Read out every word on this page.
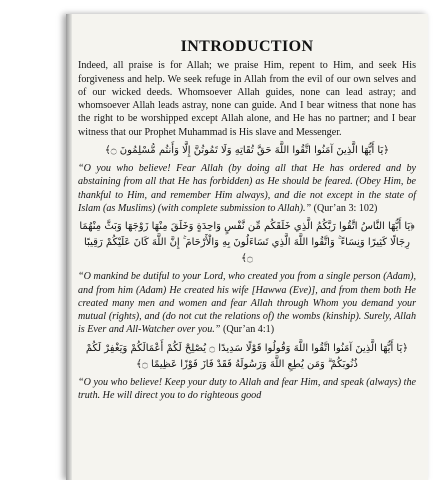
INTRODUCTION

Indeed, all praise is for Allah; we praise Him, repent to Him, and seek His forgiveness and help. We seek refuge in Allah from the evil of our own selves and of our wicked deeds. Whomsoever Allah guides, none can lead astray; and whomsoever Allah leads astray, none can guide. And I bear witness that none has the right to be worshipped except Allah alone, and He has no partner; and I bear witness that our Prophet Muhammad is His slave and Messenger.

﴿يَا أَيُّهَا الَّذِينَ آمَنُوا اتَّقُوا اللَّهَ حَقَّ تُقَاتِهِ وَلَا تَمُوتُنَّ إِلَّا وَأَنتُم مُّسْلِمُونَ ۝﴾

“O you who believe! Fear Allah (by doing all that He has ordered and by abstaining from all that He has forbidden) as He should be feared. (Obey Him, be thankful to Him, and remember Him always), and die not except in the state of Islam (as Muslims) (with complete submission to Allah).” (Qur’an 3: 102)

﴿يَا أَيُّهَا النَّاسُ اتَّقُوا رَبَّكُمُ الَّذِي خَلَقَكُم مِّن نَّفْسٍ وَاحِدَةٍ وَخَلَقَ مِنْهَا زَوْجَهَا وَبَثَّ مِنْهُمَا رِجَالًا كَثِيرًا وَنِسَاءً ۚ وَاتَّقُوا اللَّهَ الَّذِي تَسَاءَلُونَ بِهِ وَالْأَرْحَامَ ۚ إِنَّ اللَّهَ كَانَ عَلَيْكُمْ رَقِيبًا ۝﴾

“O mankind be dutiful to your Lord, who created you from a single person (Adam), and from him (Adam) He created his wife [Hawwa (Eve)], and from them both He created many men and women and fear Allah through Whom you demand your mutual (rights), and (do not cut the relations of) the wombs (kinship). Surely, Allah is Ever and All-Watcher over you.” (Qur’an 4:1)

﴿يَا أَيُّهَا الَّذِينَ آمَنُوا اتَّقُوا اللَّهَ وَقُولُوا قَوْلًا سَدِيدًا ۝ يُصْلِحْ لَكُمْ أَعْمَالَكُمْ وَيَغْفِرْ لَكُمْ ذُنُوبَكُمْ ۗ وَمَن يُطِعِ اللَّهَ وَرَسُولَهُ فَقَدْ فَازَ فَوْزًا عَظِيمًا ۝﴾

“O you who believe! Keep your duty to Allah and fear Him, and speak (always) the truth. He will direct you to do righteous good
